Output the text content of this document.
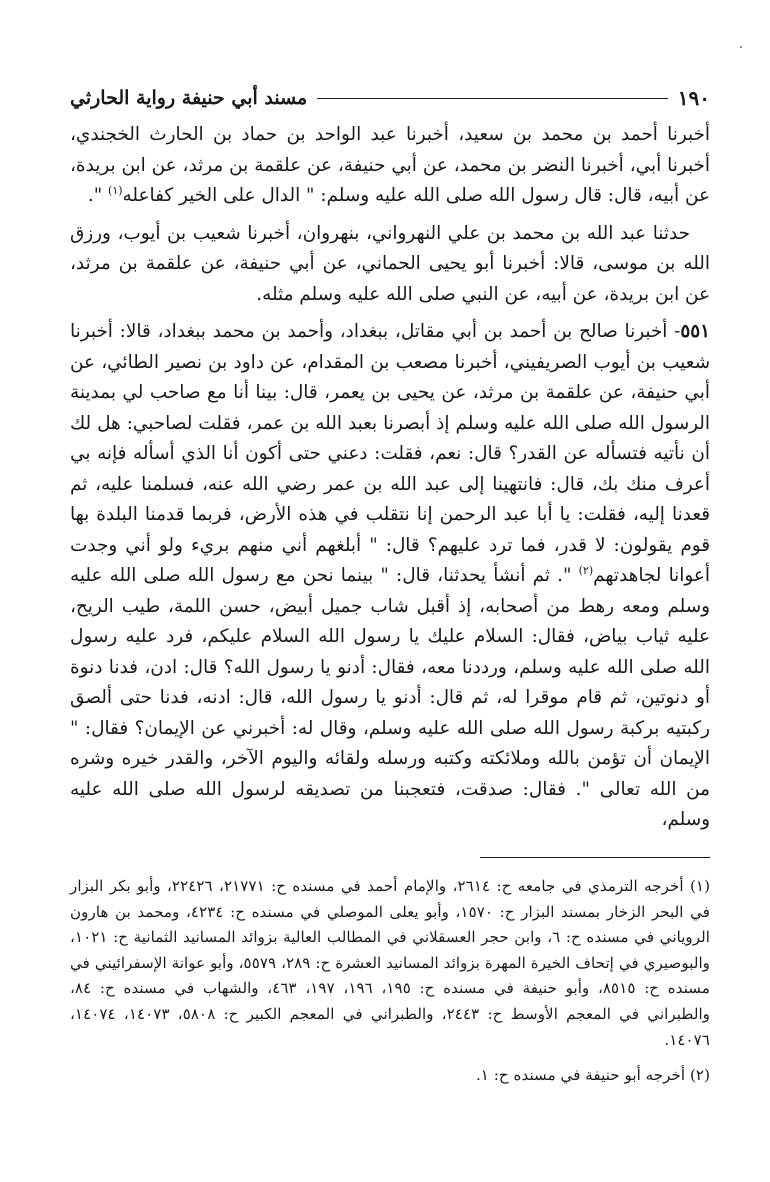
١٩٠
مسند أبي حنيفة رواية الحارثي

أخبرنا أحمد بن محمد بن سعيد، أخبرنا عبد الواحد بن حماد بن الحارث الخجندي، أخبرنا أبي، أخبرنا النضر بن محمد، عن أبي حنيفة، عن علقمة بن مرثد، عن ابن بريدة، عن أبيه، قال: قال رسول الله صلى الله عليه وسلم: " الدال على الخير كفاعله$^{(١)}$ ".

حدثنا عبد الله بن محمد بن علي النهرواني، بنهروان، أخبرنا شعيب بن أيوب، ورزق الله بن موسى، قالا: أخبرنا أبو يحيى الحماني، عن أبي حنيفة، عن علقمة بن مرثد، عن ابن بريدة، عن أبيه، عن النبي صلى الله عليه وسلم مثله.

٥٥١- أخبرنا صالح بن أحمد بن أبي مقاتل، ببغداد، وأحمد بن محمد ببغداد، قالا: أخبرنا شعيب بن أيوب الصريفيني، أخبرنا مصعب بن المقدام، عن داود بن نصير الطائي، عن أبي حنيفة، عن علقمة بن مرثد، عن يحيى بن يعمر، قال: بينا أنا مع صاحب لي بمدينة الرسول الله صلى الله عليه وسلم إذ أبصرنا بعبد الله بن عمر، فقلت لصاحبي: هل لك أن نأتيه فتسأله عن القدر؟ قال: نعم، فقلت: دعني حتى أكون أنا الذي أسأله فإنه بي أعرف منك بك، قال: فانتهينا إلى عبد الله بن عمر رضي الله عنه، فسلمنا عليه، ثم قعدنا إليه، فقلت: يا أبا عبد الرحمن إنا نتقلب في هذه الأرض، فربما قدمنا البلدة بها قوم يقولون: لا قدر، فما ترد عليهم؟ قال: " أبلغهم أني منهم بريء ولو أني وجدت أعوانا لجاهدتهم$^{(٢)}$ ". ثم أنشأ يحدثنا، قال: " بينما نحن مع رسول الله صلى الله عليه وسلم ومعه رهط من أصحابه، إذ أقبل شاب جميل أبيض، حسن اللمة، طيب الريح، عليه ثياب بياض، فقال: السلام عليك يا رسول الله السلام عليكم، فرد عليه رسول الله صلى الله عليه وسلم، ورددنا معه، فقال: أدنو يا رسول الله؟ قال: ادن، فدنا دنوة أو دنوتين، ثم قام موقرا له، ثم قال: أدنو يا رسول الله، قال: ادنه، فدنا حتى ألصق ركبتيه بركبة رسول الله صلى الله عليه وسلم، وقال له: أخبرني عن الإيمان؟ فقال: " الإيمان أن تؤمن بالله وملائكته وكتبه ورسله ولقائه واليوم الآخر، والقدر خيره وشره من الله تعالى ". فقال: صدقت، فتعجبنا من تصديقه لرسول الله صلى الله عليه وسلم،

(١) أخرجه الترمذي في جامعه ح: ٢٦١٤، والإمام أحمد في مسنده ح: ٢١٧٧١، ٢٢٤٢٦، وأبو بكر البزار في البحر الزخار بمسند البزار ح: ١٥٧٠، وأبو يعلى الموصلي في مسنده ح: ٤٢٣٤، ومحمد بن هارون الروياني في مسنده ح: ٦، وابن حجر العسقلاني في المطالب العالية بزوائد المسانيد الثمانية ح: ١٠٢١، والبوصيري في إتحاف الخيرة المهرة بزوائد المسانيد العشرة ح: ٢٨٩، ٥٥٧٩، وأبو عوانة الإسفرائيني في مسنده ح: ٨٥١٥، وأبو حنيفة في مسنده ح: ١٩٥، ١٩٦، ١٩٧، ٤٦٣، والشهاب في مسنده ح: ٨٤، والطبراني في المعجم الأوسط ح: ٢٤٤٣، والطبراني في المعجم الكبير ح: ٥٨٠٨، ١٤٠٧٣، ١٤٠٧٤، ١٤٠٧٦.

(٢) أخرجه أبو حنيفة في مسنده ح: ١.
